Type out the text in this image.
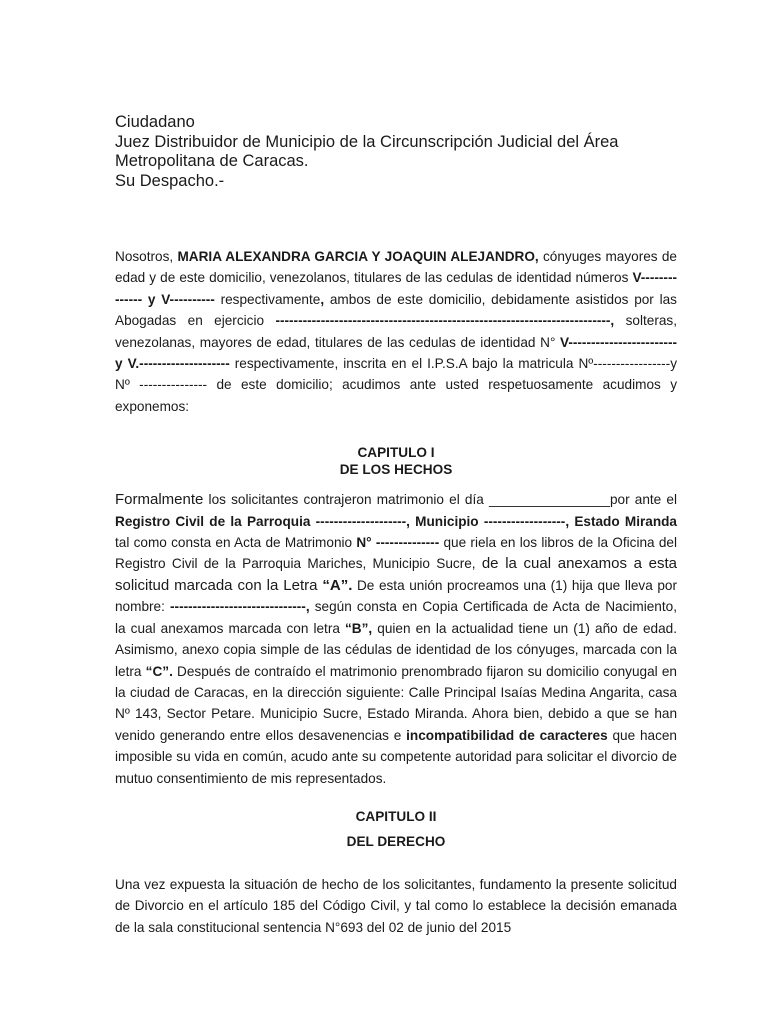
Ciudadano
Juez Distribuidor de Municipio de la Circunscripción Judicial del Área
Metropolitana de Caracas.
Su Despacho.-

Nosotros, MARIA ALEXANDRA GARCIA Y JOAQUIN ALEJANDRO, cónyuges mayores de edad y de este domicilio, venezolanos, titulares de las cedulas de identidad números V-------------- y V---------- respectivamente, ambos de este domicilio, debidamente asistidos por las Abogadas en ejercicio --------------------------------------------------------------------------, solteras, venezolanas, mayores de edad, titulares de las cedulas de identidad N° V------------------------ y V.-------------------- respectivamente, inscrita en el I.P.S.A bajo la matricula Nº-----------------y Nº --------------- de este domicilio; acudimos ante usted respetuosamente acudimos y exponemos:

CAPITULO I
DE LOS HECHOS

Formalmente los solicitantes contrajeron matrimonio el día ________________por ante el Registro Civil de la Parroquia --------------------, Municipio ------------------, Estado Miranda tal como consta en Acta de Matrimonio N° -------------- que riela en los libros de la Oficina del Registro Civil de la Parroquia Mariches, Municipio Sucre, de la cual anexamos a esta solicitud marcada con la Letra “A”. De esta unión procreamos una (1) hija que lleva por nombre: ------------------------------, según consta en Copia Certificada de Acta de Nacimiento, la cual anexamos marcada con letra “B”, quien en la actualidad tiene un (1) año de edad. Asimismo, anexo copia simple de las cédulas de identidad de los cónyuges, marcada con la letra “C”. Después de contraído el matrimonio prenombrado fijaron su domicilio conyugal en la ciudad de Caracas, en la dirección siguiente: Calle Principal Isaías Medina Angarita, casa Nº 143, Sector Petare. Municipio Sucre, Estado Miranda. Ahora bien, debido a que se han venido generando entre ellos desavenencias e incompatibilidad de caracteres que hacen imposible su vida en común, acudo ante su competente autoridad para solicitar el divorcio de mutuo consentimiento de mis representados.

CAPITULO II
DEL DERECHO

Una vez expuesta la situación de hecho de los solicitantes, fundamento la presente solicitud de Divorcio en el artículo 185 del Código Civil, y tal como lo establece la decisión emanada de la sala constitucional sentencia N°693 del 02 de junio del 2015
